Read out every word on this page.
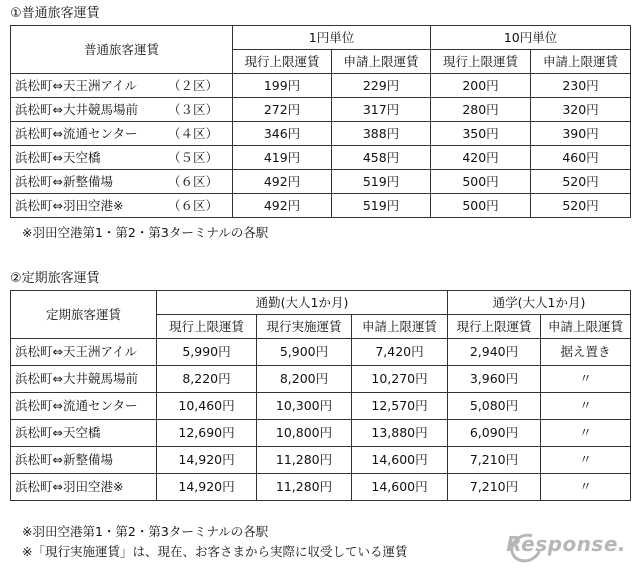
①普通旅客運賃
普通旅客運賃	1円単位		10円単位	
	現行上限運賃	申請上限運賃	現行上限運賃	申請上限運賃

浜松町⇔天王洲アイル （２区）	199円	229円	200円	230円

浜松町⇔大井競馬場前 （３区）	272円	317円	280円	320円

浜松町⇔流通センター （４区）	346円	388円	350円	390円

浜松町⇔天空橋 （５区）	419円	458円	420円	460円

浜松町⇔新整備場 （６区）	492円	519円	500円	520円

浜松町⇔羽田空港※ （６区）	492円	519円	500円	520円

※羽田空港第1・第2・第3ターミナルの各駅

②定期旅客運賃
定期旅客運賃	通勤(大人1か月)			通学(大人1か月)	
	現行上限運賃	現行実施運賃	申請上限運賃	現行上限運賃	申請上限運賃
浜松町⇔天王洲アイル	5,990円	5,900円	7,420円	2,940円	据え置き
浜松町⇔大井競馬場前	8,220円	8,200円	10,270円	3,960円	〃
浜松町⇔流通センター	10,460円	10,300円	12,570円	5,080円	〃
浜松町⇔天空橋	12,690円	10,800円	13,880円	6,090円	〃
浜松町⇔新整備場	14,920円	11,280円	14,600円	7,210円	〃
浜松町⇔羽田空港※	14,920円	11,280円	14,600円	7,210円	〃

※羽田空港第1・第2・第3ターミナルの各駅

※「現行実施運賃」は、現在、お客さまから実際に収受している運賃	Response.
